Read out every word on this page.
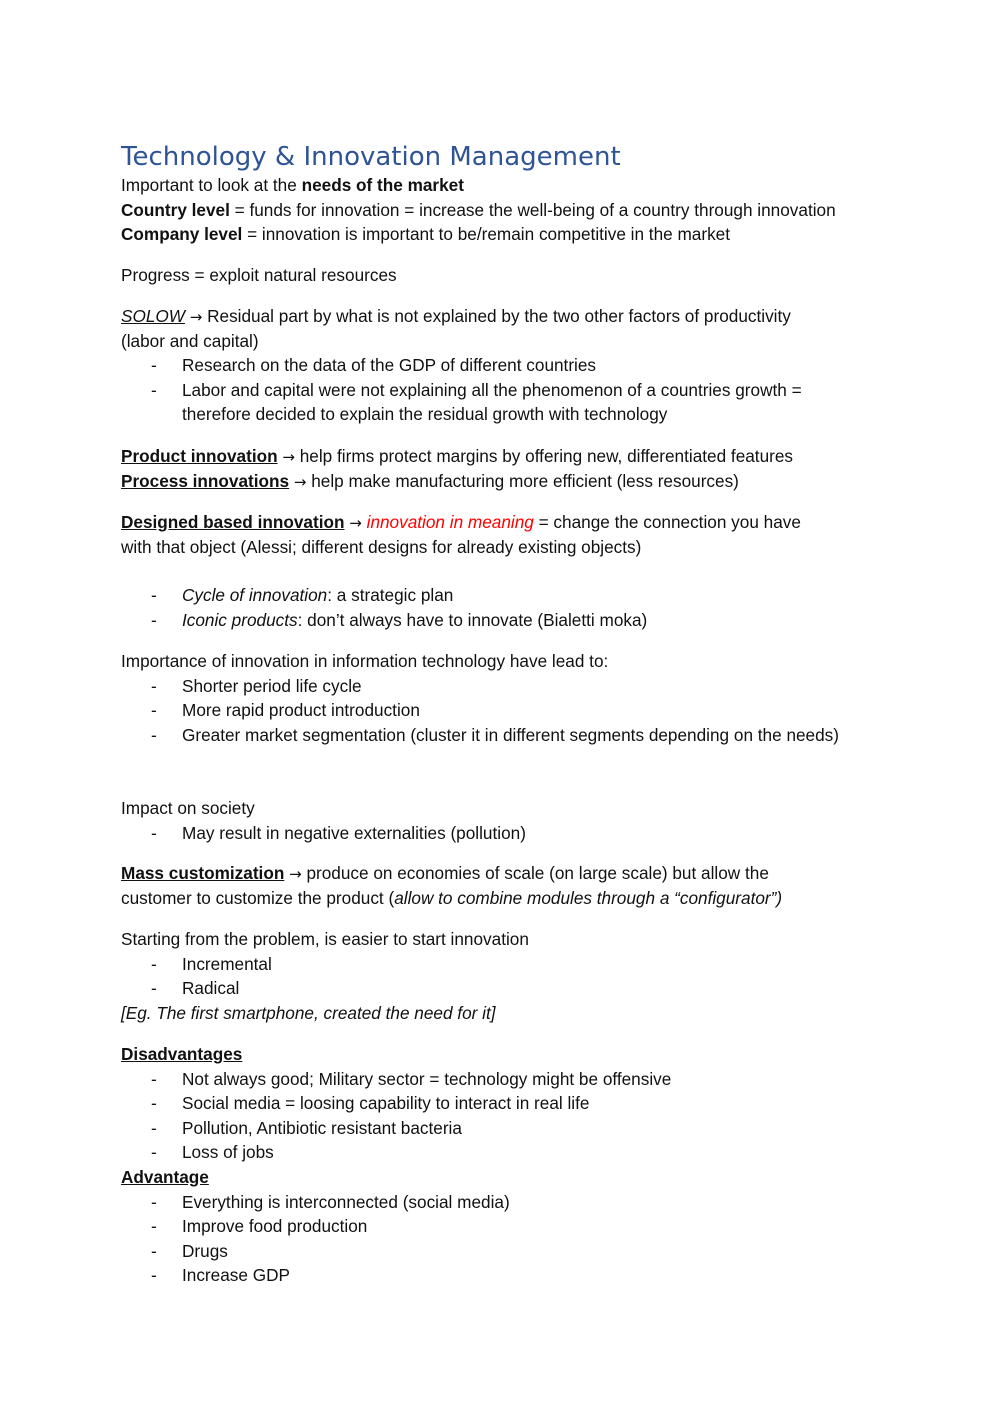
Technology & Innovation Management
Important to look at the needs of the market
Country level = funds for innovation = increase the well-being of a country through innovation
Company level = innovation is important to be/remain competitive in the market
Progress = exploit natural resources
SOLOW → Residual part by what is not explained by the two other factors of productivity
(labor and capital)
- Research on the data of the GDP of different countries
- Labor and capital were not explaining all the phenomenon of a countries growth = therefore decided to explain the residual growth with technology
Product innovation → help firms protect margins by offering new, differentiated features
Process innovations → help make manufacturing more efficient (less resources)
Designed based innovation → innovation in meaning = change the connection you have
with that object (Alessi; different designs for already existing objects)
- Cycle of innovation: a strategic plan
- Iconic products: don’t always have to innovate (Bialetti moka)
Importance of innovation in information technology have lead to:
- Shorter period life cycle
- More rapid product introduction
- Greater market segmentation (cluster it in different segments depending on the needs)
Impact on society
- May result in negative externalities (pollution)
Mass customization → produce on economies of scale (on large scale) but allow the
customer to customize the product (allow to combine modules through a “configurator”)
Starting from the problem, is easier to start innovation
- Incremental
- Radical
[Eg. The first smartphone, created the need for it]
Disadvantages
- Not always good; Military sector = technology might be offensive
- Social media = loosing capability to interact in real life
- Pollution, Antibiotic resistant bacteria
- Loss of jobs
Advantage
- Everything is interconnected (social media)
- Improve food production
- Drugs
- Increase GDP
